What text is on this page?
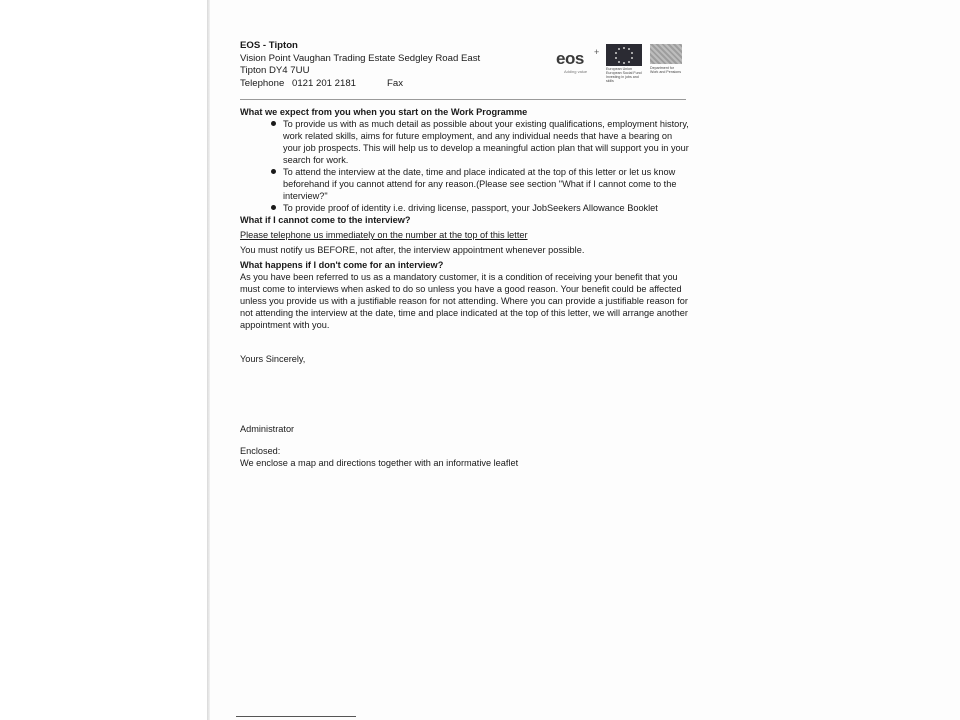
eos +
Adding value	European Union
European Social Fund
Investing in jobs and skills
Department for
Work and Pensions
EOS - Tipton
Vision Point Vaughan Trading Estate Sedgley Road East
Tipton DY4 7UU
Telephone 0121 201 2181	Fax
What we expect from you when you start on the Work Programme
To provide us with as much detail as possible about your existing qualifications, employment history, work related skills, aims for future employment, and any individual needs that have a bearing on your job prospects. This will help us to develop a meaningful action plan that will support you in your search for work.
To attend the interview at the date, time and place indicated at the top of this letter or let us know beforehand if you cannot attend for any reason.(Please see section "What if I cannot come to the interview?"
To provide proof of identity i.e. driving license, passport, your JobSeekers Allowance Booklet
What if I cannot come to the interview?
Please telephone us immediately on the number at the top of this letter
You must notify us BEFORE, not after, the interview appointment whenever possible.
What happens if I don't come for an interview?
As you have been referred to us as a mandatory customer, it is a condition of receiving your benefit that you must come to interviews when asked to do so unless you have a good reason. Your benefit could be affected unless you provide us with a justifiable reason for not attending. Where you can provide a justifiable reason for not attending the interview at the date, time and place indicated at the top of this letter, we will arrange another appointment with you.
Yours Sincerely,
Administrator
Enclosed:
We enclose a map and directions together with an informative leaflet
